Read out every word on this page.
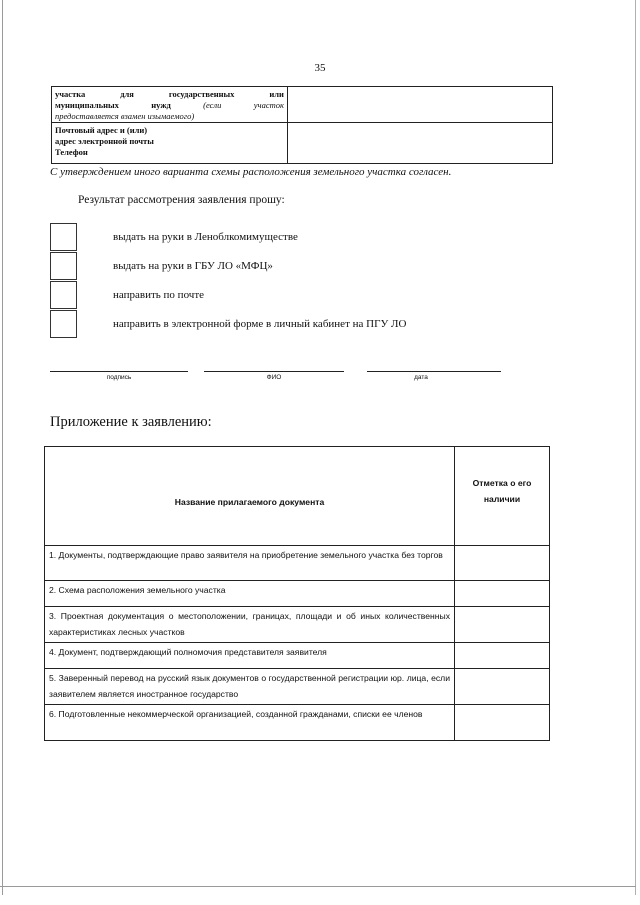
35
участка	для	государственных	или
муниципальных	нужд	(если	участок
предоставляется взамен изымаемого)
Почтовый адрес и (или)
адрес электронной почты
Телефон
С утверждением иного варианта схемы расположения земельного участка согласен.
Результат рассмотрения заявления прошу:
выдать на руки в Леноблкомимуществе
выдать на руки в ГБУ ЛО «МФЦ»
направить по почте
направить в электронной форме в личный кабинет на ПГУ ЛО
подпись	ФИО	дата
Приложение к заявлению:
Название прилагаемого документа	Отметка о его
наличии
1. Документы, подтверждающие право заявителя на приобретение земельного участка без торгов	
2. Схема расположения земельного участка	
3. Проектная документация о местоположении, границах, площади и об иных количественных характеристиках лесных участков	
4. Документ, подтверждающий полномочия представителя заявителя	
5. Заверенный перевод на русский язык документов о государственной регистрации юр. лица, если заявителем является иностранное государство	
6. Подготовленные некоммерческой организацией, созданной гражданами, списки ее членов	
